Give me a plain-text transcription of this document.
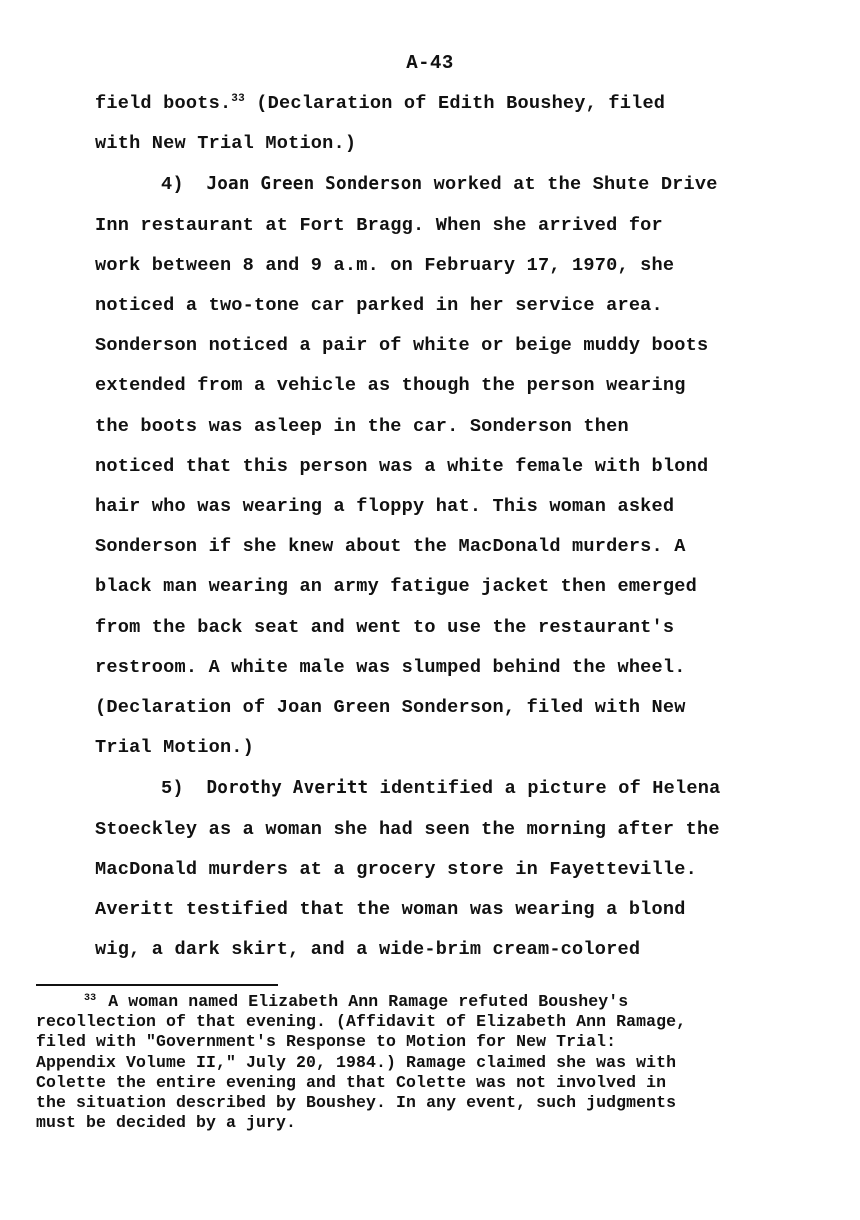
A-43

field boots.$^{33}$ (Declaration of Edith Boushey, filed
with New Trial Motion.)

4) Joan Green Sonderson worked at the Shute Drive

Inn restaurant at Fort Bragg. When she arrived for
work between 8 and 9 a.m. on February 17, 1970, she
noticed a two-tone car parked in her service area.
Sonderson noticed a pair of white or beige muddy boots
extended from a vehicle as though the person wearing
the boots was asleep in the car. Sonderson then
noticed that this person was a white female with blond
hair who was wearing a floppy hat. This woman asked
Sonderson if she knew about the MacDonald murders. A
black man wearing an army fatigue jacket then emerged
from the back seat and went to use the restaurant's
restroom. A white male was slumped behind the wheel.
(Declaration of Joan Green Sonderson, filed with New
Trial Motion.)

5) Dorothy Averitt identified a picture of Helena

Stoeckley as a woman she had seen the morning after the
MacDonald murders at a grocery store in Fayetteville.
Averitt testified that the woman was wearing a blond
wig, a dark skirt, and a wide-brim cream-colored

$^{33}$ A woman named Elizabeth Ann Ramage refuted Boushey's
recollection of that evening. (Affidavit of Elizabeth Ann Ramage,
filed with "Government's Response to Motion for New Trial:
Appendix Volume II," July 20, 1984.) Ramage claimed she was with
Colette the entire evening and that Colette was not involved in
the situation described by Boushey. In any event, such judgments
must be decided by a jury.
